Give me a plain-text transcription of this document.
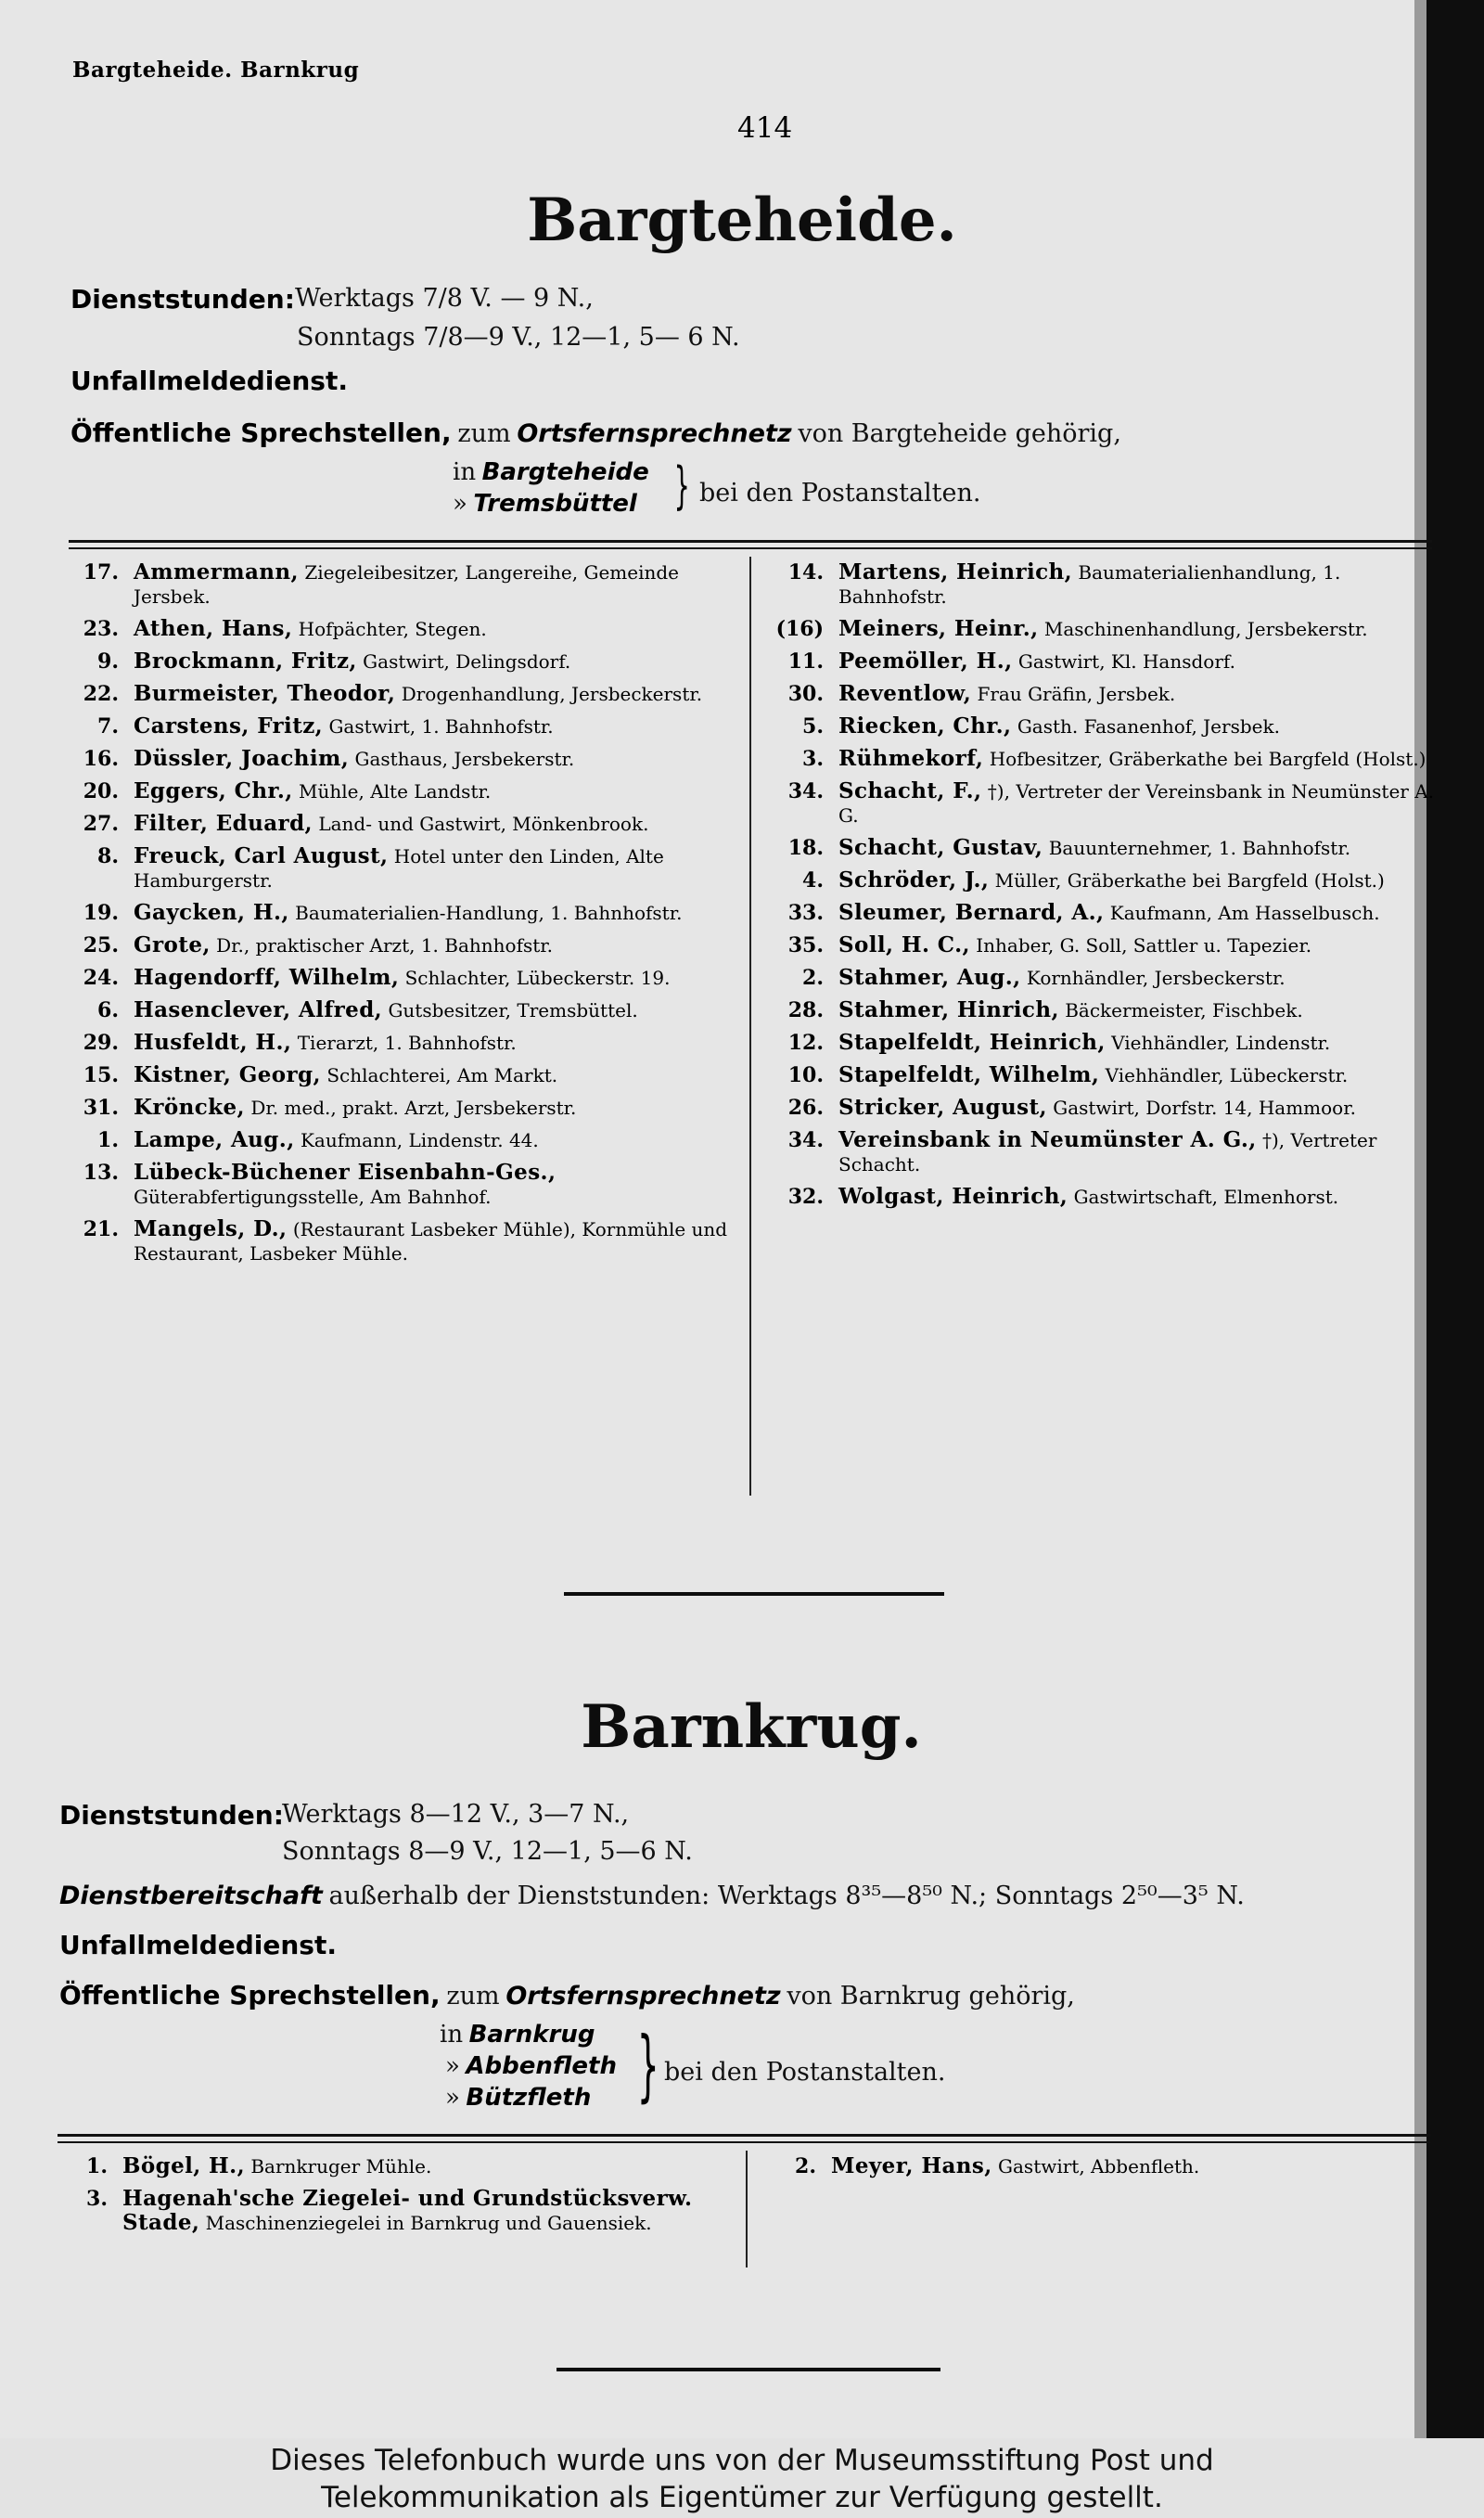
Bargteheide. Barnkrug
414
Bargteheide.
Dienststunden: Werktags 7/8 V. — 9 N.,
Sonntags 7/8—9 V., 12—1, 5— 6 N.
Unfallmeldedienst.
Öffentliche Sprechstellen, zum Ortsfernsprechnetz von Bargteheide gehörig,
in Bargteheide
» Tremsbüttel } bei den Postanstalten.
17. Ammermann, Ziegeleibesitzer, Langereihe, Gemeinde Jersbek.
23. Athen, Hans, Hofpächter, Stegen.
9. Brockmann, Fritz, Gastwirt, Delingsdorf.
22. Burmeister, Theodor, Drogenhandlung, Jersbeckerstr.
7. Carstens, Fritz, Gastwirt, 1. Bahnhofstr.
16. Düssler, Joachim, Gasthaus, Jersbekerstr.
20. Eggers, Chr., Mühle, Alte Landstr.
27. Filter, Eduard, Land- und Gastwirt, Mönkenbrook.
8. Freuck, Carl August, Hotel unter den Linden, Alte Hamburgerstr.
19. Gaycken, H., Baumaterialien-Handlung, 1. Bahnhofstr.
25. Grote, Dr., praktischer Arzt, 1. Bahnhofstr.
24. Hagendorff, Wilhelm, Schlachter, Lübeckerstr. 19.
6. Hasenclever, Alfred, Gutsbesitzer, Tremsbüttel.
29. Husfeldt, H., Tierarzt, 1. Bahnhofstr.
15. Kistner, Georg, Schlachterei, Am Markt.
31. Kröncke, Dr. med., prakt. Arzt, Jersbekerstr.
1. Lampe, Aug., Kaufmann, Lindenstr. 44.
13. Lübeck-Büchener Eisenbahn-Ges., Güterabfertigungsstelle, Am Bahnhof.
21. Mangels, D., (Restaurant Lasbeker Mühle), Kornmühle und Restaurant, Lasbeker Mühle.
14. Martens, Heinrich, Baumaterialienhandlung, 1. Bahnhofstr.
(16) Meiners, Heinr., Maschinenhandlung, Jersbekerstr.
11. Peemöller, H., Gastwirt, Kl. Hansdorf.
30. Reventlow, Frau Gräfin, Jersbek.
5. Riecken, Chr., Gasth. Fasanenhof, Jersbek.
3. Rühmekorf, Hofbesitzer, Gräberkathe bei Bargfeld (Holst.)
34. Schacht, F., †), Vertreter der Vereinsbank in Neumünster A. G.
18. Schacht, Gustav, Bauunternehmer, 1. Bahnhofstr.
4. Schröder, J., Müller, Gräberkathe bei Bargfeld (Holst.)
33. Sleumer, Bernard, A., Kaufmann, Am Hasselbusch.
35. Soll, H. C., Inhaber, G. Soll, Sattler u. Tapezier.
2. Stahmer, Aug., Kornhändler, Jersbeckerstr.
28. Stahmer, Hinrich, Bäckermeister, Fischbek.
12. Stapelfeldt, Heinrich, Viehhändler, Lindenstr.
10. Stapelfeldt, Wilhelm, Viehhändler, Lübeckerstr.
26. Stricker, August, Gastwirt, Dorfstr. 14, Hammoor.
34. Vereinsbank in Neumünster A. G., †), Vertreter Schacht.
32. Wolgast, Heinrich, Gastwirtschaft, Elmenhorst.
Barnkrug.
Dienststunden:
Werktags 8—12 V., 3—7 N.,
Sonntags 8—9 V., 12—1, 5—6 N.
Dienstbereitschaft außerhalb der Dienststunden: Werktags 8³⁵—8⁵⁰ N.; Sonntags 2⁵⁰—3⁵ N.
Unfallmeldedienst.
Öffentliche Sprechstellen, zum Ortsfernsprechnetz von Barnkrug gehörig,
in Barnkrug
» Abbenfleth
» Bützfleth } bei den Postanstalten.
1. Bögel, H., Barnkruger Mühle.
3. Hagenah'sche Ziegelei- und Grundstücksverw. Stade, Maschinenziegelei in Barnkrug und Gauensiek.
2. Meyer, Hans, Gastwirt, Abbenfleth.
Dieses Telefonbuch wurde uns von der Museumsstiftung Post und
Telekommunikation als Eigentümer zur Verfügung gestellt.
